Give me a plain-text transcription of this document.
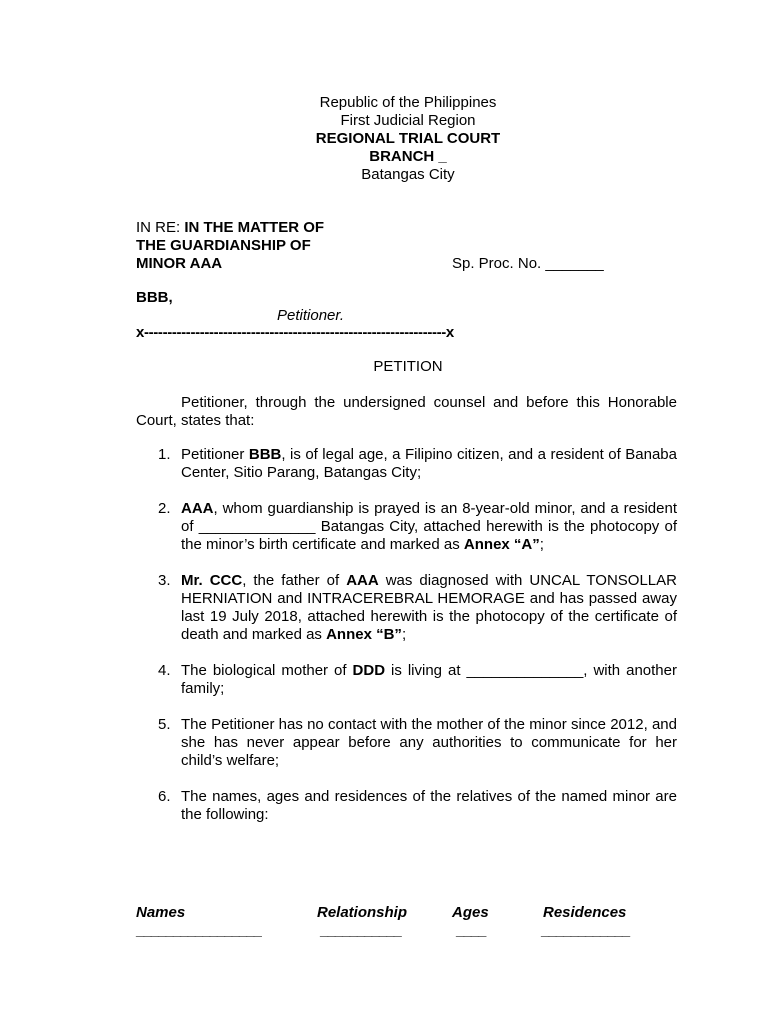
Republic of the Philippines
First Judicial Region
REGIONAL TRIAL COURT
BRANCH _
Batangas City
IN RE: IN THE MATTER OF
THE GUARDIANSHIP OF
MINOR AAA	Sp. Proc. No. _______
BBB,
Petitioner.
x-----------------------------------------------------------------x
PETITION
Petitioner, through the undersigned counsel and before this Honorable Court, states that:
1. Petitioner BBB, is of legal age, a Filipino citizen, and a resident of Banaba Center, Sitio Parang, Batangas City;
2. AAA, whom guardianship is prayed is an 8-year-old minor, and a resident of ______________ Batangas City, attached herewith is the photocopy of the minor’s birth certificate and marked as Annex “A”;
3. Mr. CCC, the father of AAA was diagnosed with UNCAL TONSOLLAR HERNIATION and INTRACEREBRAL HEMORAGE and has passed away last 19 July 2018, attached herewith is the photocopy of the certificate of death and marked as Annex “B”;
4. The biological mother of DDD is living at ______________, with another family;
5. The Petitioner has no contact with the mother of the minor since 2012, and she has never appear before any authorities to communicate for her child’s welfare;
6. The names, ages and residences of the relatives of the named minor are the following:
Names	Relationship	Ages	Residences
_________________	___________	____	____________
